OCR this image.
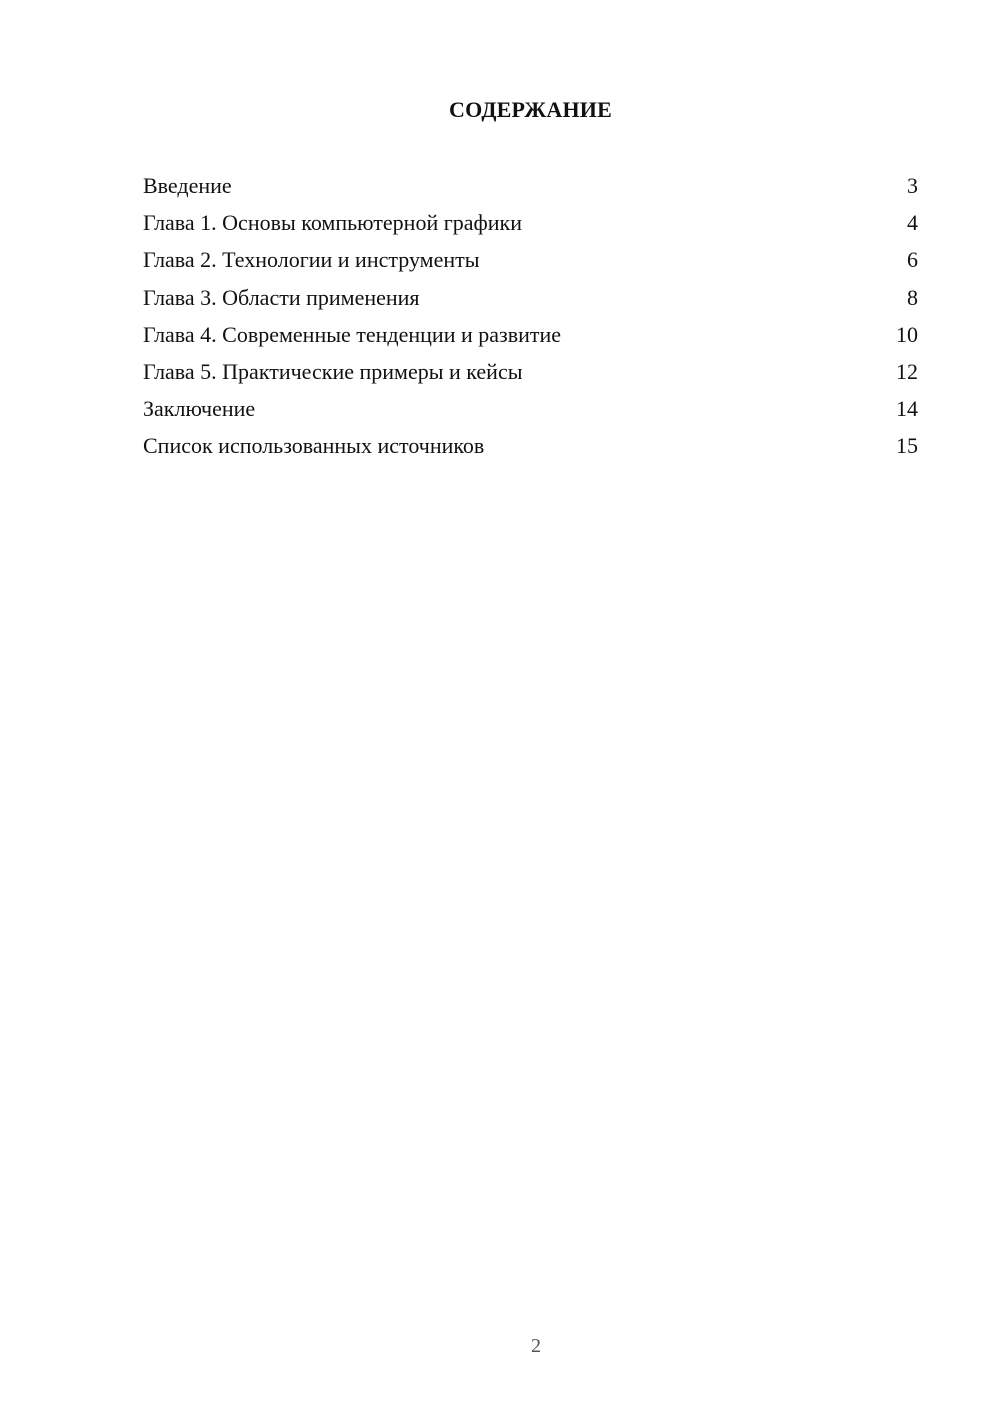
СОДЕРЖАНИЕ
Введение	3
Глава 1. Основы компьютерной графики	4
Глава 2. Технологии и инструменты	6
Глава 3. Области применения	8
Глава 4. Современные тенденции и развитие	10
Глава 5. Практические примеры и кейсы	12
Заключение	14
Список использованных источников	15
2
